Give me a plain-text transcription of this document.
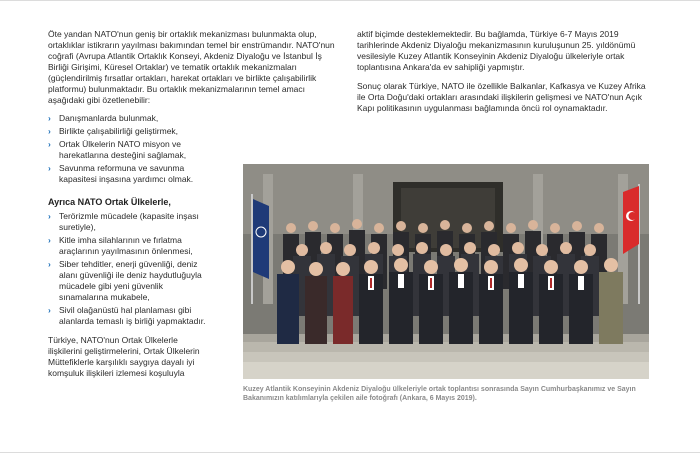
Öte yandan NATO'nun geniş bir ortaklık mekanizması bulunmakta olup, ortaklıklar istikrarın yayılması bakımından temel bir enstrümandır. NATO'nun coğrafi (Avrupa Atlantik Ortaklık Konseyi, Akdeniz Diyaloğu ve İstanbul İş Birliği Girişimi, Küresel Ortaklar) ve tematik ortaklık mekanizmaları (güçlendirilmiş fırsatlar ortakları, harekat ortakları ve birlikte çalışabilirlik platformu) bulunmaktadır. Bu ortaklık mekanizmalarının temel amacı aşağıdaki gibi özetlenebilir:

› Danışmanlarda bulunmak,
› Birlikte çalışabilirliği geliştirmek,
› Ortak Ülkelerin NATO misyon ve harekatlarına desteğini sağlamak,
› Savunma reformuna ve savunma kapasitesi inşasına yardımcı olmak.
Ayrıca NATO Ortak Ülkelerle,
› Terörizmle mücadele (kapasite inşası suretiyle),
› Kitle imha silahlarının ve fırlatma araçlarının yayılmasının önlenmesi,
› Siber tehditler, enerji güvenliği, deniz alanı güvenliği ile deniz haydutluğuyla mücadele gibi yeni güvenlik sınamalarına mukabele,
› Sivil olağanüstü hal planlaması gibi alanlarda temaslı iş birliği yapmaktadır.

Türkiye, NATO'nun Ortak Ülkelerle ilişkilerini geliştirmelerini, Ortak Ülkelerin Müttefiklerle karşılıklı saygıya dayalı iyi komşuluk ilişkileri izlemesi koşuluyla

aktif biçimde desteklemektedir. Bu bağlamda, Türkiye 6-7 Mayıs 2019 tarihlerinde Akdeniz Diyaloğu mekanizmasının kuruluşunun 25. yıldönümü vesilesiyle Kuzey Atlantik Konseyinin Akdeniz Diyaloğu ülkeleriyle ortak toplantısına Ankara'da ev sahipliği yapmıştır.

Sonuç olarak Türkiye, NATO ile özellikle Balkanlar, Kafkasya ve Kuzey Afrika ile Orta Doğu'daki ortakları arasındaki ilişkilerin gelişmesi ve NATO'nun Açık Kapı politikasının uygulanması bağlamında öncü rol oynamaktadır.

Kuzey Atlantik Konseyinin Akdeniz Diyaloğu ülkeleriyle ortak toplantısı sonrasında Sayın Cumhurbaşkanımız ve Sayın Bakanımızın katılımlarıyla çekilen aile fotoğrafı (Ankara, 6 Mayıs 2019).
